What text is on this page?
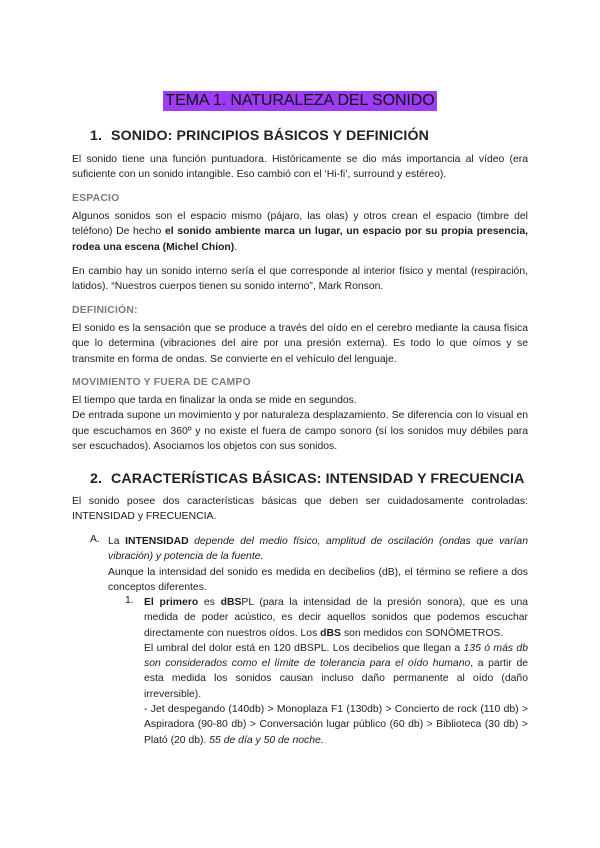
TEMA 1. NATURALEZA DEL SONIDO
1. SONIDO: PRINCIPIOS BÁSICOS Y DEFINICIÓN
El sonido tiene una función puntuadora. Históricamente se dio más importancia al vídeo (era suficiente con un sonido intangible. Eso cambió con el ‘Hi-fi’, surround y estéreo).
ESPACIO
Algunos sonidos son el espacio mismo (pájaro, las olas) y otros crean el espacio (timbre del teléfono) De hecho el sonido ambiente marca un lugar, un espacio por su propia presencia, rodea una escena (Michel Chion).
En cambio hay un sonido interno sería el que corresponde al interior físico y mental (respiración, latidos). “Nuestros cuerpos tienen su sonido interno”, Mark Ronson.
DEFINICIÓN:
El sonido es la sensación que se produce a través del oído en el cerebro mediante la causa física que lo determina (vibraciones del aire por una presión externa). Es todo lo que oímos y se transmite en forma de ondas. Se convierte en el vehículo del lenguaje.
MOVIMIENTO Y FUERA DE CAMPO
El tiempo que tarda en finalizar la onda se mide en segundos.
De entrada supone un movimiento y por naturaleza desplazamiento. Se diferencia con lo visual en que escuchamos en 360º y no existe el fuera de campo sonoro (sí los sonidos muy débiles para ser escuchados). Asociamos los objetos con sus sonidos.
2. CARACTERÍSTICAS BÁSICAS: INTENSIDAD Y FRECUENCIA
El sonido posee dos características básicas que deben ser cuidadosamente controladas: INTENSIDAD y FRECUENCIA.
A. La INTENSIDAD depende del medio físico, amplitud de oscilación (ondas que varían vibración) y potencia de la fuente.
Aunque la intensidad del sonido es medida en decibelios (dB), el término se refiere a dos conceptos diferentes.
1. El primero es dBSPL (para la intensidad de la presión sonora), que es una medida de poder acústico, es decir aquellos sonidos que podemos escuchar directamente con nuestros oídos. Los dBS son medidos con SONÓMETROS.
El umbral del dolor está en 120 dBSPL. Los decibelios que llegan a 135 ó más db son considerados como el límite de tolerancia para el oído humano, a partir de esta medida los sonidos causan incluso daño permanente al oído (daño irreversible).
- Jet despegando (140db) > Monoplaza F1 (130db) > Concierto de rock (110 db) > Aspiradora (90-80 db) > Conversación lugar público (60 db) > Biblioteca (30 db) > Plató (20 db). 55 de día y 50 de noche.
